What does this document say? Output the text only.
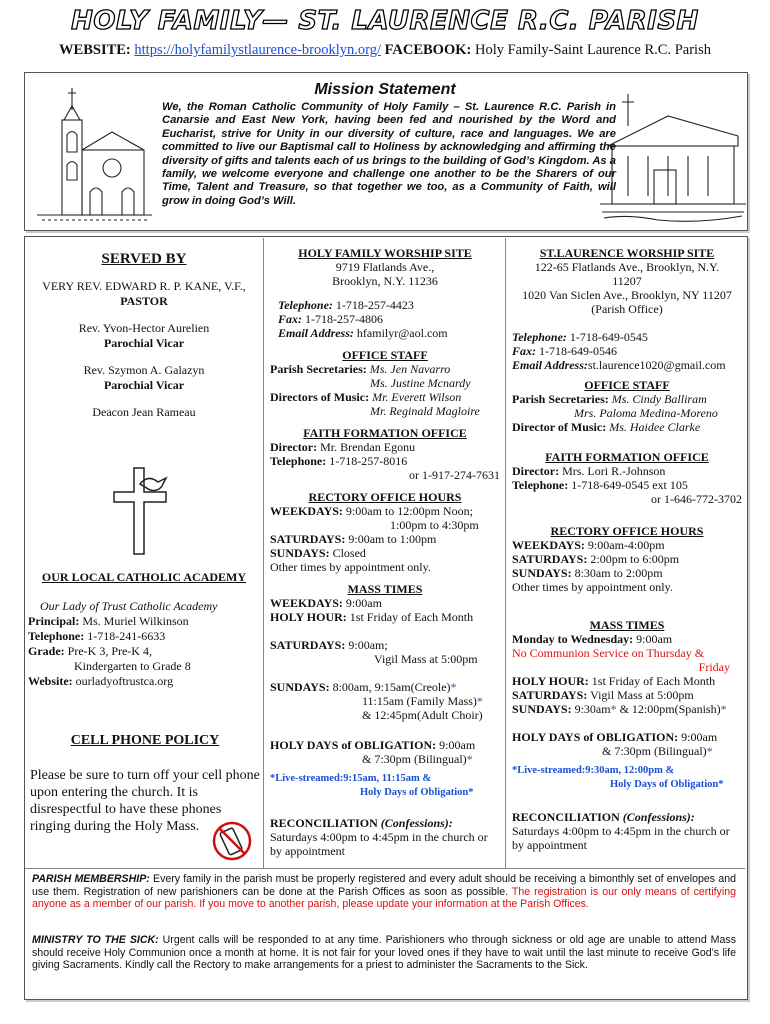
HOLY FAMILY— ST. LAURENCE R.C. PARISH
WEBSITE: https://holyfamilystlaurence-brooklyn.org/ FACEBOOK: Holy Family-Saint Laurence R.C. Parish
Mission Statement
We, the Roman Catholic Community of Holy Family – St. Laurence R.C. Parish in Canarsie and East New York, having been fed and nourished by the Word and Eucharist, strive for Unity in our diversity of culture, race and languages. We are committed to live our Baptismal call to Holiness by acknowledging and affirming the diversity of gifts and talents each of us brings to the building of God’s Kingdom. As a family, we welcome everyone and challenge one another to be the Sharers of our Time, Talent and Treasure, so that together we too, as a Community of Faith, will grow in doing God’s Will.
SERVED BY
VERY REV. EDWARD R. P. KANE, V.F.,
PASTOR
Rev. Yvon-Hector Aurelien
Parochial Vicar
Rev. Szymon A. Galazyn
Parochial Vicar
Deacon Jean Rameau
OUR LOCAL CATHOLIC ACADEMY
Our Lady of Trust Catholic Academy
Principal: Ms. Muriel Wilkinson
Telephone: 1-718-241-6633
Grade: Pre-K 3, Pre-K 4,
Kindergarten to Grade 8
Website: ourladyoftrustca.org
CELL PHONE POLICY
Please be sure to turn off your cell phone upon entering the church. It is disrespectful to have these phones ringing during the Holy Mass.
HOLY FAMILY WORSHIP SITE
9719 Flatlands Ave.,
Brooklyn, N.Y. 11236
Telephone: 1-718-257-4423
Fax: 1-718-257-4806
Email Address: hfamilyr@aol.com
OFFICE STAFF
Parish Secretaries: Ms. Jen Navarro
Ms. Justine Mcnardy
Directors of Music: Mr. Everett Wilson
Mr. Reginald Magloire
FAITH FORMATION OFFICE
Director: Mr. Brendan Egonu
Telephone: 1-718-257-8016
or 1-917-274-7631
RECTORY OFFICE HOURS
WEEKDAYS: 9:00am to 12:00pm Noon;
1:00pm to 4:30pm
SATURDAYS: 9:00am to 1:00pm
SUNDAYS: Closed
Other times by appointment only.
MASS TIMES
WEEKDAYS: 9:00am
HOLY HOUR: 1st Friday of Each Month
SATURDAYS: 9:00am;
Vigil Mass at 5:00pm
SUNDAYS: 8:00am, 9:15am(Creole)*
11:15am (Family Mass)*
& 12:45pm(Adult Choir)
HOLY DAYS of OBLIGATION: 9:00am
& 7:30pm (Bilingual)*
*Live-streamed:9:15am, 11:15am &
Holy Days of Obligation*
RECONCILIATION (Confessions):
Saturdays 4:00pm to 4:45pm in the church or by appointment
ST.LAURENCE WORSHIP SITE
122-65 Flatlands Ave., Brooklyn, N.Y.
11207
1020 Van Siclen Ave., Brooklyn, NY 11207
(Parish Office)
Telephone: 1-718-649-0545
Fax: 1-718-649-0546
Email Address:st.laurence1020@gmail.com
OFFICE STAFF
Parish Secretaries: Ms. Cindy Balliram
Mrs. Paloma Medina-Moreno
Director of Music: Ms. Haidee Clarke
FAITH FORMATION OFFICE
Director: Mrs. Lori R.-Johnson
Telephone: 1-718-649-0545 ext 105
or 1-646-772-3702
RECTORY OFFICE HOURS
WEEKDAYS: 9:00am-4:00pm
SATURDAYS: 2:00pm to 6:00pm
SUNDAYS: 8:30am to 2:00pm
Other times by appointment only.
MASS TIMES
Monday to Wednesday: 9:00am
No Communion Service on Thursday &
Friday
HOLY HOUR: 1st Friday of Each Month
SATURDAYS: Vigil Mass at 5:00pm
SUNDAYS: 9:30am* & 12:00pm(Spanish)*
HOLY DAYS of OBLIGATION: 9:00am
& 7:30pm (Bilingual)*
*Live-streamed:9:30am, 12:00pm &
Holy Days of Obligation*
RECONCILIATION (Confessions):
Saturdays 4:00pm to 4:45pm in the church or by appointment
PARISH MEMBERSHIP: Every family in the parish must be properly registered and every adult should be receiving a bimonthly set of envelopes and use them. Registration of new parishioners can be done at the Parish Offices as soon as possible. The registration is our only means of certifying anyone as a member of our parish. If you move to another parish, please update your information at the Parish Offices.
MINISTRY TO THE SICK: Urgent calls will be responded to at any time. Parishioners who through sickness or old age are unable to attend Mass should receive Holy Communion once a month at home. It is not fair for your loved ones if they have to wait until the last minute to receive God’s life giving Sacraments. Kindly call the Rectory to make arrangements for a priest to administer the Sacraments to the Sick.
